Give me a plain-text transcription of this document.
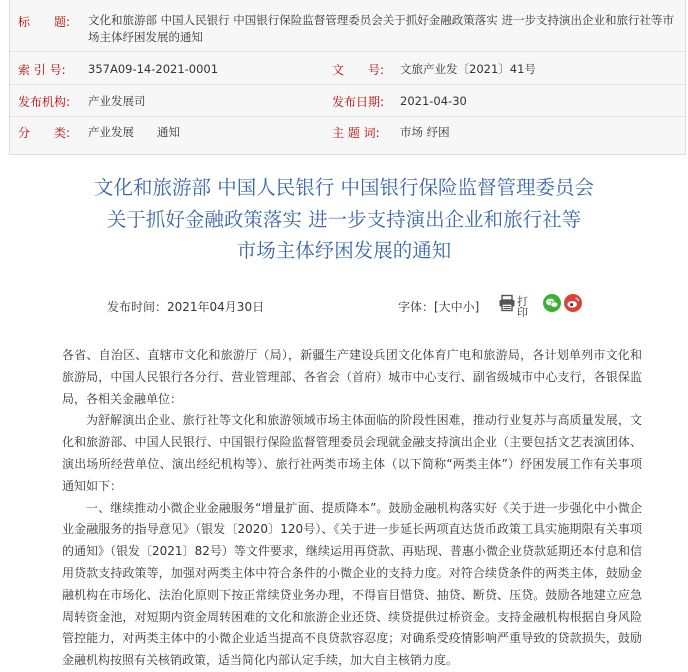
标　　题: 文化和旅游部 中国人民银行 中国银行保险监督管理委员会关于抓好金融政策落实 进一步支持演出企业和旅行社等市场主体纾困发展的通知
索 引 号: 357A09-14-2021-0001	文　　号: 文旅产业发〔2021〕41号
发布机构: 产业发展司	发布日期: 2021-04-30
分　　类: 产业发展　　通知	主 题 词: 市场 纾困
文化和旅游部 中国人民银行 中国银行保险监督管理委员会
关于抓好金融政策落实 进一步支持演出企业和旅行社等
市场主体纾困发展的通知
发布时间：2021年04月30日	字体：[大中小]	打印

各省、自治区、直辖市文化和旅游厅（局），新疆生产建设兵团文化体育广电和旅游局，各计划单列市文化和旅游局，中国人民银行各分行、营业管理部、各省会（首府）城市中心支行、副省级城市中心支行，各银保监局，各相关金融单位：

为舒解演出企业、旅行社等文化和旅游领域市场主体面临的阶段性困难，推动行业复苏与高质量发展，文化和旅游部、中国人民银行、中国银行保险监督管理委员会现就金融支持演出企业（主要包括文艺表演团体、演出场所经营单位、演出经纪机构等）、旅行社两类市场主体（以下简称“两类主体”）纾困发展工作有关事项通知如下：

一、继续推动小微企业金融服务“增量扩面、提质降本”。鼓励金融机构落实好《关于进一步强化中小微企业金融服务的指导意见》（银发〔2020〕120号）、《关于进一步延长两项直达货币政策工具实施期限有关事项的通知》（银发〔2021〕82号）等文件要求，继续运用再贷款、再贴现、普惠小微企业贷款延期还本付息和信用贷款支持政策等，加强对两类主体中符合条件的小微企业的支持力度。对符合续贷条件的两类主体，鼓励金融机构在市场化、法治化原则下按正常续贷业务办理，不得盲目惜贷、抽贷、断贷、压贷。鼓励各地建立应急周转资金池，对短期内资金周转困难的文化和旅游企业还贷、续贷提供过桥资金。支持金融机构根据自身风险管控能力，对两类主体中的小微企业适当提高不良贷款容忍度；对确系受疫情影响严重导致的贷款损失，鼓励金融机构按照有关核销政策，适当简化内部认定手续，加大自主核销力度。
